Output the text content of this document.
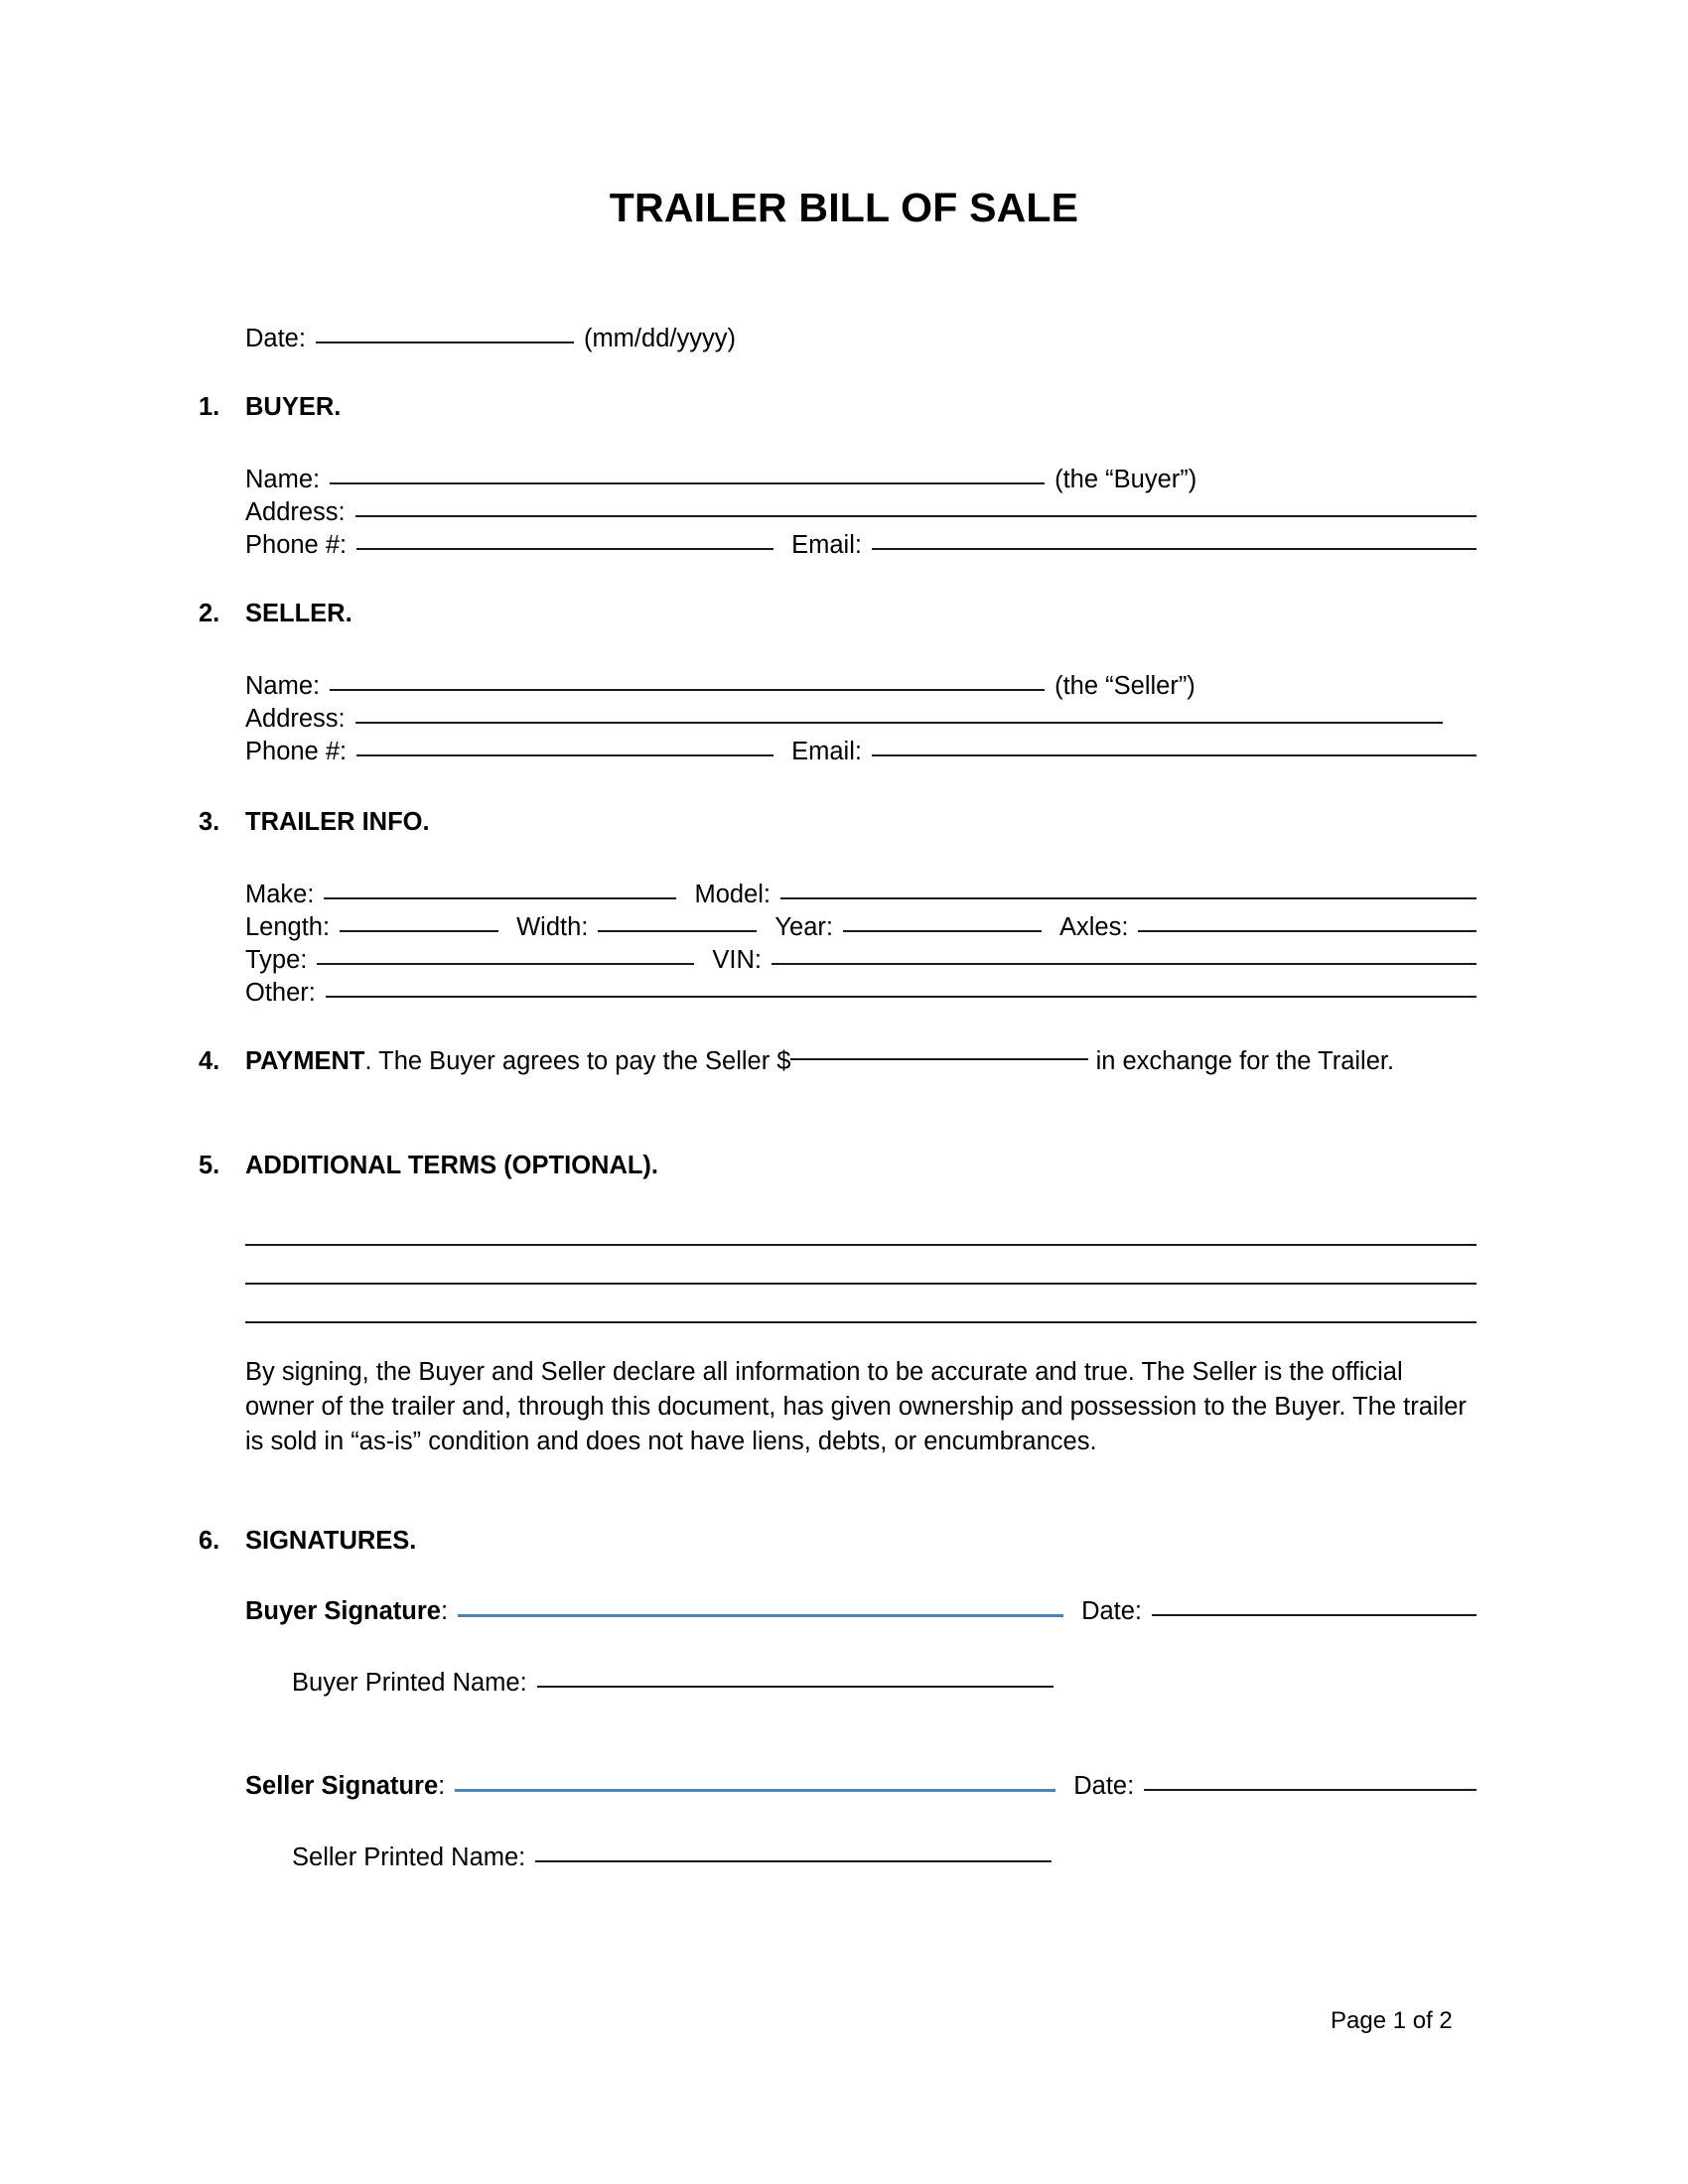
TRAILER BILL OF SALE
Date:	(mm/dd/yyyy)
1. BUYER.
Name:	(the “Buyer”)
Address:
Phone #:	Email:
2. SELLER.
Name:	(the “Seller”)
Address:
Phone #:	Email:
3. TRAILER INFO.
Make:	Model:
Length:	Width:	Year:	Axles:
Type:	VIN:
Other:
4. PAYMENT. The Buyer agrees to pay the Seller $	in exchange for the Trailer.
5. ADDITIONAL TERMS (OPTIONAL).
By signing, the Buyer and Seller declare all information to be accurate and true. The Seller is the official owner of the trailer and, through this document, has given ownership and possession to the Buyer. The trailer is sold in “as-is” condition and does not have liens, debts, or encumbrances.
6. SIGNATURES.
Buyer Signature :	Date:
Buyer Printed Name:
Seller Signature :	Date:
Seller Printed Name:
Page 1 of 2
